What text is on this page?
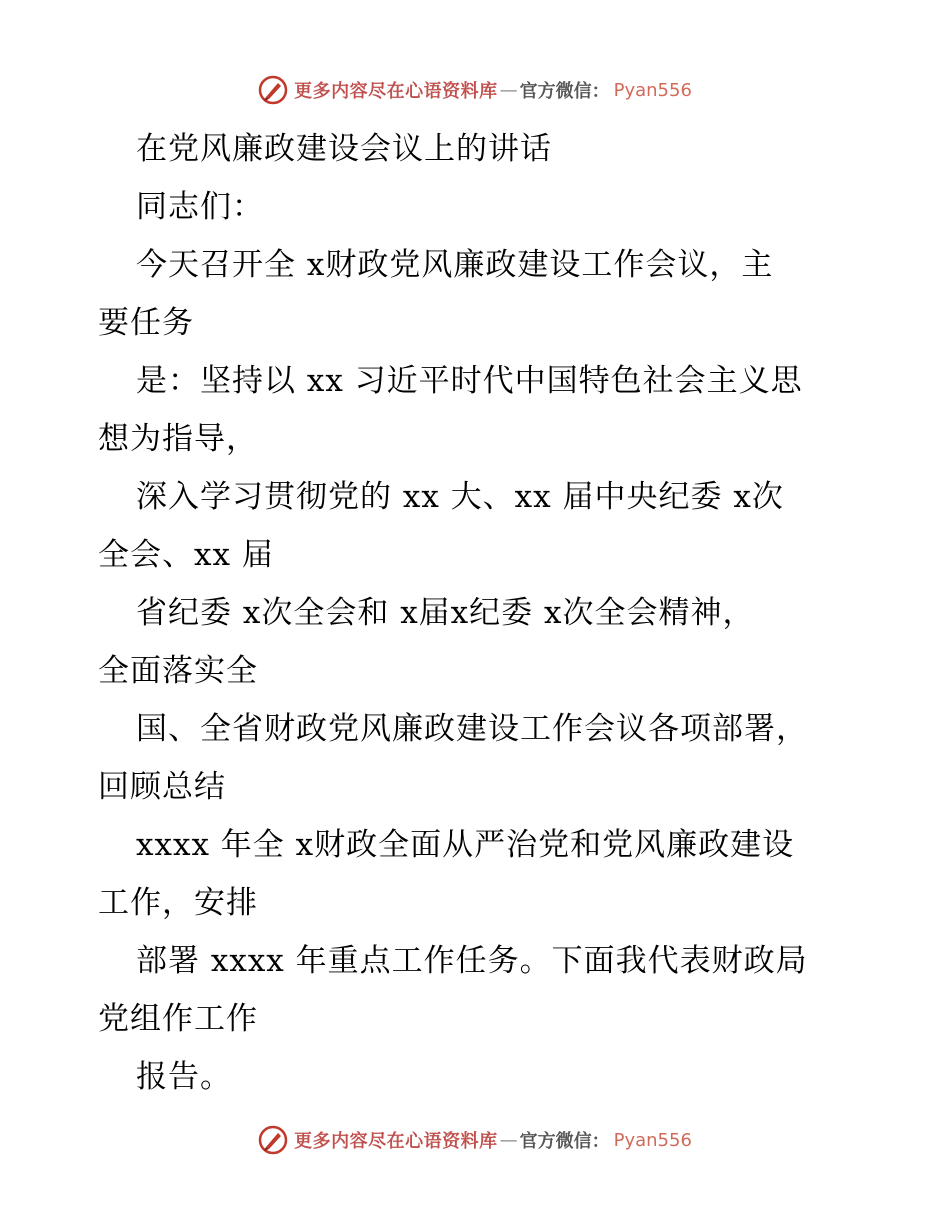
更多内容尽在心语资料库 — 官方微信： Pyan556
在党风廉政建设会议上的讲话
同志们：
今天召开全 x财政党风廉政建设工作会议，主
要任务
是：坚持以 xx 习近平时代中国特色社会主义思
想为指导，
深入学习贯彻党的 xx 大、xx 届中央纪委 x次
全会、xx 届
省纪委 x次全会和 x届x纪委 x次全会精神，
全面落实全
国、全省财政党风廉政建设工作会议各项部署，
回顾总结
xxxx 年全 x财政全面从严治党和党风廉政建设
工作，安排
部署 xxxx 年重点工作任务。下面我代表财政局
党组作工作
报告。
更多内容尽在心语资料库 — 官方微信： Pyan556
